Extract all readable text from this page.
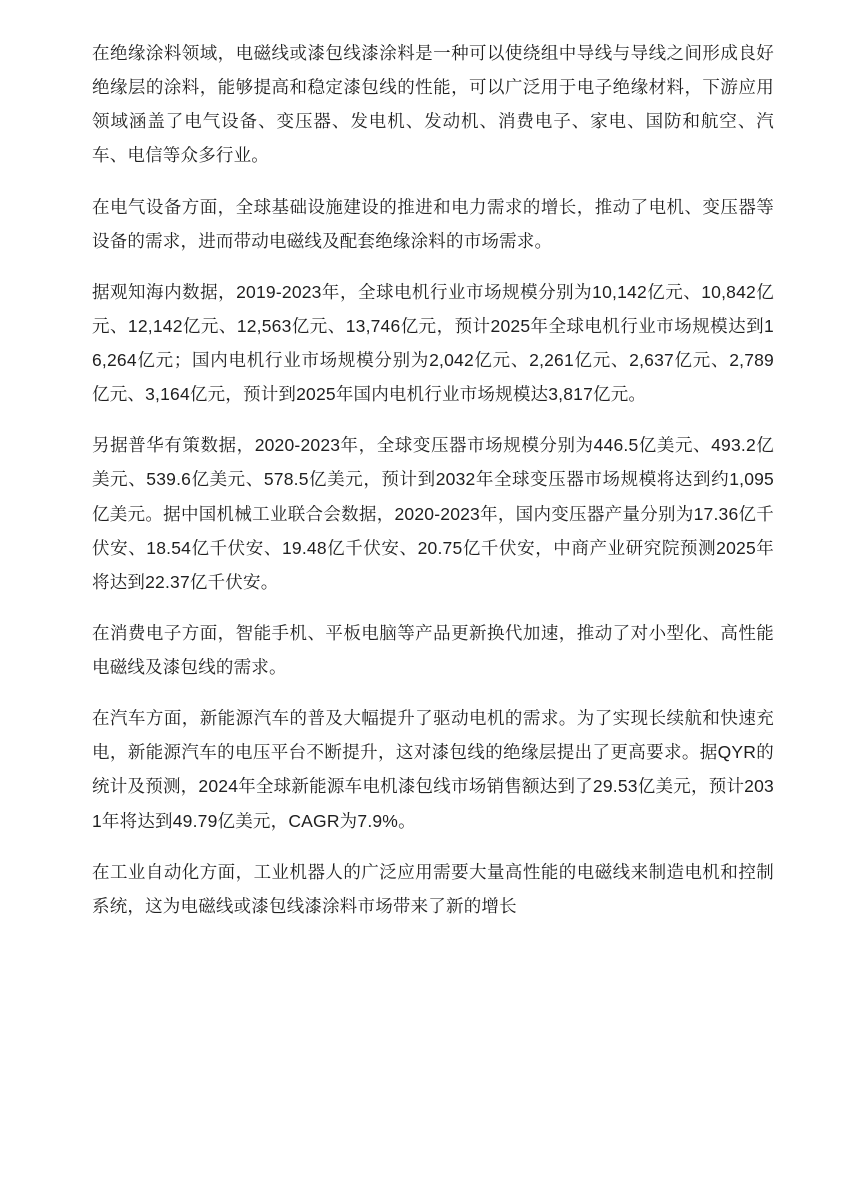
在绝缘涂料领域，电磁线或漆包线漆涂料是一种可以使绕组中导线与导线之间形成良好绝缘层的涂料，能够提高和稳定漆包线的性能，可以广泛用于电子绝缘材料，下游应用领域涵盖了电气设备、变压器、发电机、发动机、消费电子、家电、国防和航空、汽车、电信等众多行业。

在电气设备方面，全球基础设施建设的推进和电力需求的增长，推动了电机、变压器等设备的需求，进而带动电磁线及配套绝缘涂料的市场需求。

据观知海内数据，2019-2023年，全球电机行业市场规模分别为10,142亿元、10,842亿元、12,142亿元、12,563亿元、13,746亿元，预计2025年全球电机行业市场规模达到16,264亿元；国内电机行业市场规模分别为2,042亿元、2,261亿元、2,637亿元、2,789亿元、3,164亿元，预计到2025年国内电机行业市场规模达3,817亿元。

另据普华有策数据，2020-2023年，全球变压器市场规模分别为446.5亿美元、493.2亿美元、539.6亿美元、578.5亿美元，预计到2032年全球变压器市场规模将达到约1,095亿美元。据中国机械工业联合会数据，2020-2023年，国内变压器产量分别为17.36亿千伏安、18.54亿千伏安、19.48亿千伏安、20.75亿千伏安，中商产业研究院预测2025年将达到22.37亿千伏安。

在消费电子方面，智能手机、平板电脑等产品更新换代加速，推动了对小型化、高性能电磁线及漆包线的需求。

在汽车方面，新能源汽车的普及大幅提升了驱动电机的需求。为了实现长续航和快速充电，新能源汽车的电压平台不断提升，这对漆包线的绝缘层提出了更高要求。据QYR的统计及预测，2024年全球新能源车电机漆包线市场销售额达到了29.53亿美元，预计2031年将达到49.79亿美元，CAGR为7.9%。

在工业自动化方面，工业机器人的广泛应用需要大量高性能的电磁线来制造电机和控制系统，这为电磁线或漆包线漆涂料市场带来了新的增长
